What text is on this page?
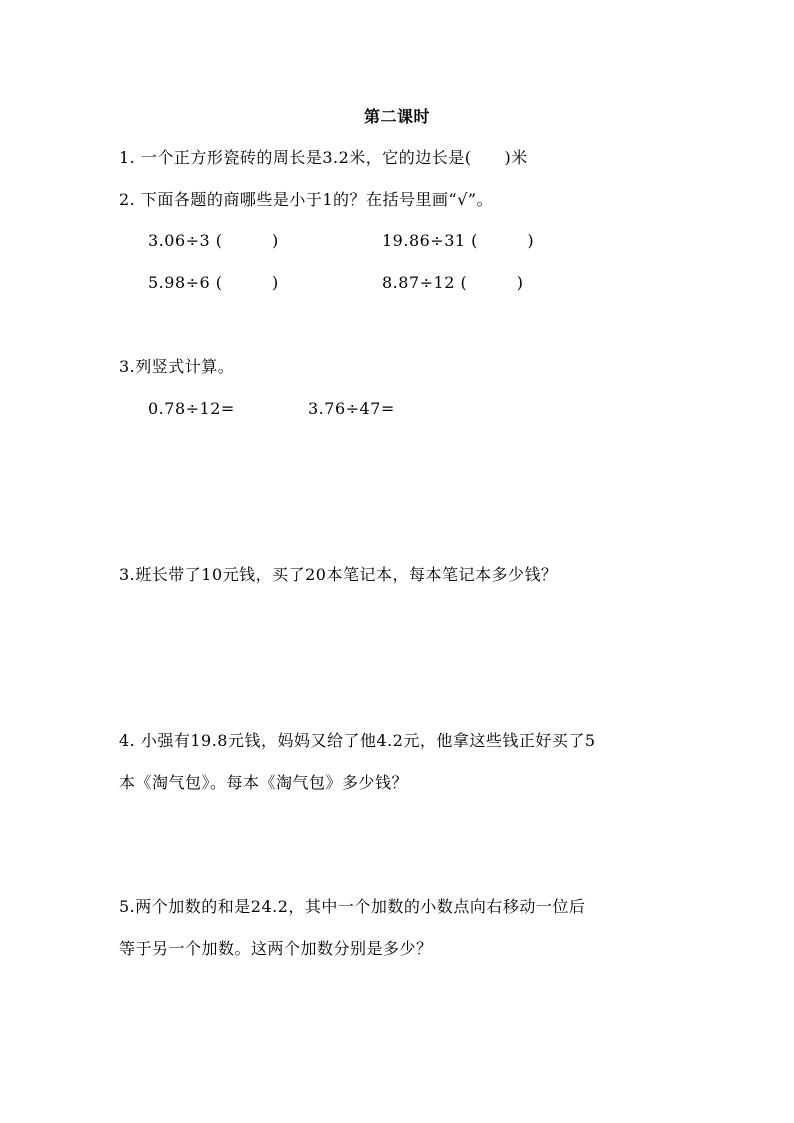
第二课时
1. 一个正方形瓷砖的周长是3.2米，它的边长是(　　)米
2. 下面各题的商哪些是小于1的？在括号里画“√”。
3.06÷3 (　　　)	19.86÷31 (　　　)
5.98÷6 (　　　)	8.87÷12 (　　　)
3.列竖式计算。
0.78÷12=	3.76÷47=
3.班长带了10元钱，买了20本笔记本，每本笔记本多少钱？
4. 小强有19.8元钱，妈妈又给了他4.2元，他拿这些钱正好买了5
本《淘气包》。每本《淘气包》多少钱？
5.两个加数的和是24.2，其中一个加数的小数点向右移动一位后
等于另一个加数。这两个加数分别是多少？
